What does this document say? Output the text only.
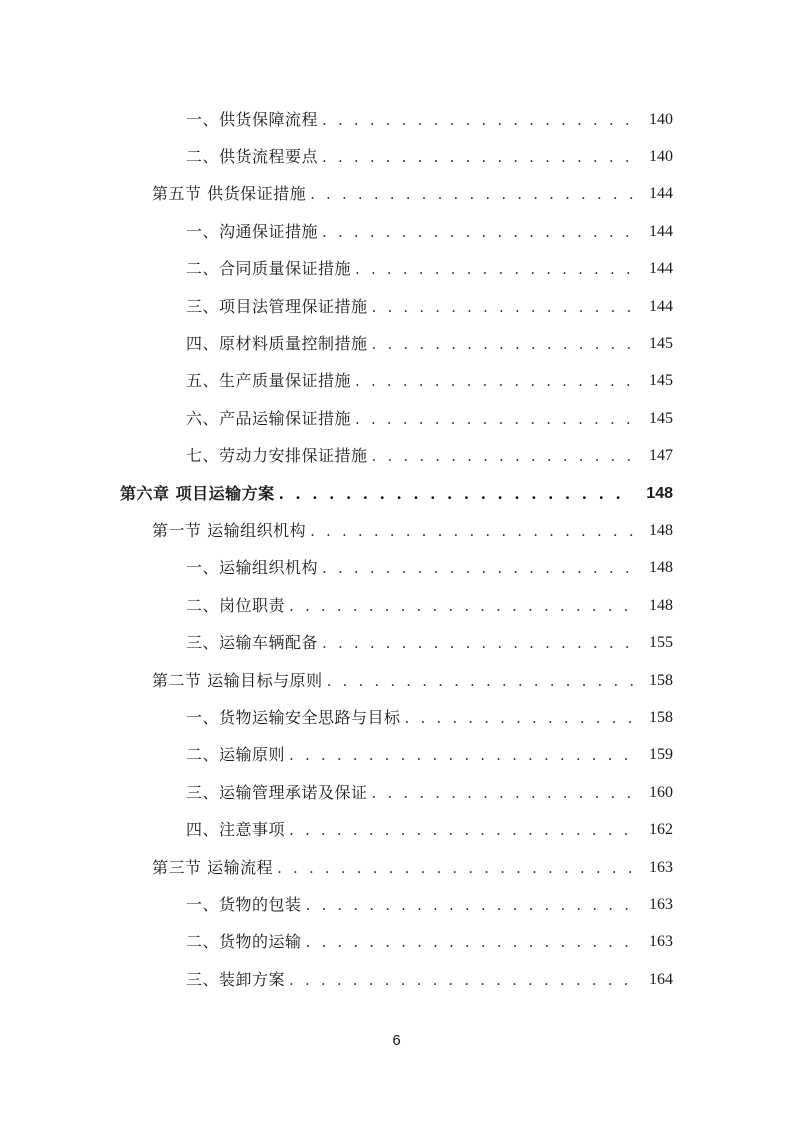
一、供货保障流程 . . .	140
二、供货流程要点 . . .	140
第五节 供货保证措施 . . .	144
一、沟通保证措施 . . .	144
二、合同质量保证措施 . . .	144
三、项目法管理保证措施 . . .	144
四、原材料质量控制措施 . . .	145
五、生产质量保证措施 . . .	145
六、产品运输保证措施 . . .	145
七、劳动力安排保证措施 . . .	147
第六章 项目运输方案 . . .	148
第一节 运输组织机构 . . .	148
一、运输组织机构 . . .	148
二、岗位职责 . . .	148
三、运输车辆配备 . . .	155
第二节 运输目标与原则 . . .	158
一、货物运输安全思路与目标 . . .	158
二、运输原则 . . .	159
三、运输管理承诺及保证 . . .	160
四、注意事项 . . .	162
第三节 运输流程 . . .	163
一、货物的包装 . . .	163
二、货物的运输 . . .	163
三、装卸方案 . . .	164
6
